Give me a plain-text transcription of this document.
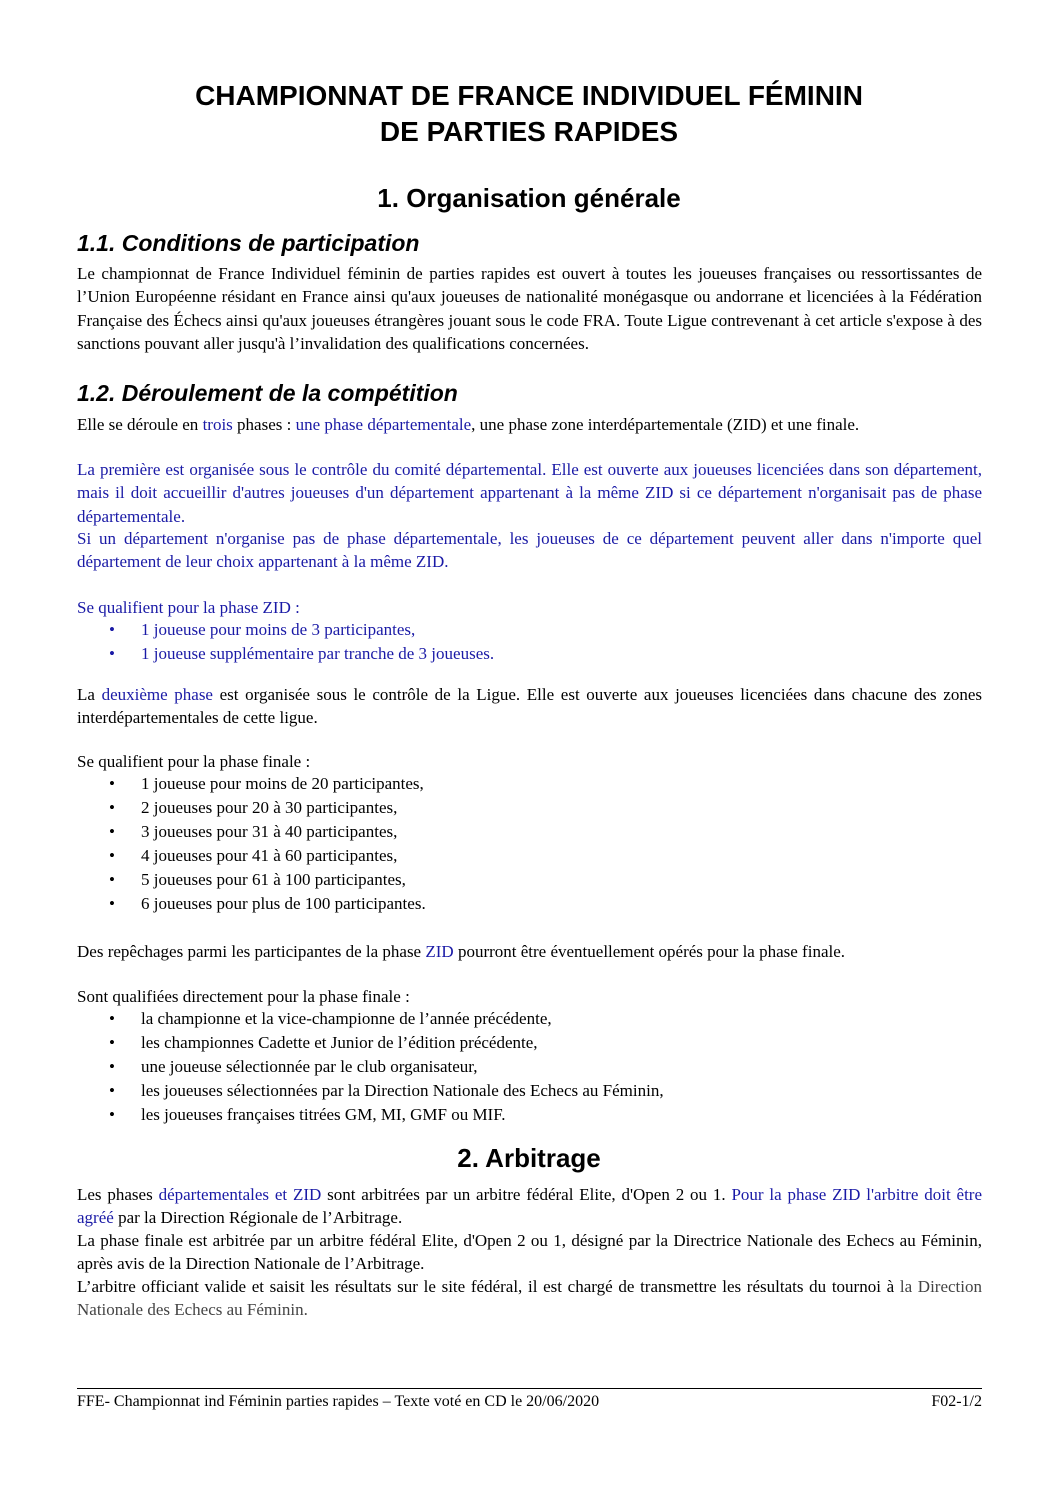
CHAMPIONNAT DE FRANCE INDIVIDUEL FÉMININ
DE PARTIES RAPIDES
1. Organisation générale
1.1. Conditions de participation
Le championnat de France Individuel féminin de parties rapides est ouvert à toutes les joueuses françaises ou ressortissantes de l’Union Européenne résidant en France ainsi qu'aux joueuses de nationalité monégasque ou andorrane et licenciées à la Fédération Française des Échecs ainsi qu'aux joueuses étrangères jouant sous le code FRA. Toute Ligue contrevenant à cet article s'expose à des sanctions pouvant aller jusqu'à l’invalidation des qualifications concernées.
1.2. Déroulement de la compétition
Elle se déroule en trois phases : une phase départementale, une phase zone interdépartementale (ZID) et une finale.
La première est organisée sous le contrôle du comité départemental. Elle est ouverte aux joueuses licenciées dans son département, mais il doit accueillir d'autres joueuses d'un département appartenant à la même ZID si ce département n'organisait pas de phase départementale.
Si un département n'organise pas de phase départementale, les joueuses de ce département peuvent aller dans n'importe quel département de leur choix appartenant à la même ZID.
Se qualifient pour la phase ZID :
• 1 joueuse pour moins de 3 participantes,
• 1 joueuse supplémentaire par tranche de 3 joueuses.
La deuxième phase est organisée sous le contrôle de la Ligue. Elle est ouverte aux joueuses licenciées dans chacune des zones interdépartementales de cette ligue.
Se qualifient pour la phase finale :
• 1 joueuse pour moins de 20 participantes,
• 2 joueuses pour 20 à 30 participantes,
• 3 joueuses pour 31 à 40 participantes,
• 4 joueuses pour 41 à 60 participantes,
• 5 joueuses pour 61 à 100 participantes,
• 6 joueuses pour plus de 100 participantes.
Des repêchages parmi les participantes de la phase ZID pourront être éventuellement opérés pour la phase finale.
Sont qualifiées directement pour la phase finale :
• la championne et la vice-championne de l’année précédente,
• les championnes Cadette et Junior de l’édition précédente,
• une joueuse sélectionnée par le club organisateur,
• les joueuses sélectionnées par la Direction Nationale des Echecs au Féminin,
• les joueuses françaises titrées GM, MI, GMF ou MIF.
2. Arbitrage
Les phases départementales et ZID sont arbitrées par un arbitre fédéral Elite, d'Open 2 ou 1. Pour la phase ZID l'arbitre doit être agréé par la Direction Régionale de l’Arbitrage.
La phase finale est arbitrée par un arbitre fédéral Elite, d'Open 2 ou 1, désigné par la Directrice Nationale des Echecs au Féminin, après avis de la Direction Nationale de l’Arbitrage.
L’arbitre officiant valide et saisit les résultats sur le site fédéral, il est chargé de transmettre les résultats du tournoi à la Direction Nationale des Echecs au Féminin.
FFE- Championnat ind Féminin parties rapides – Texte voté en CD le 20/06/2020	F02-1/2
